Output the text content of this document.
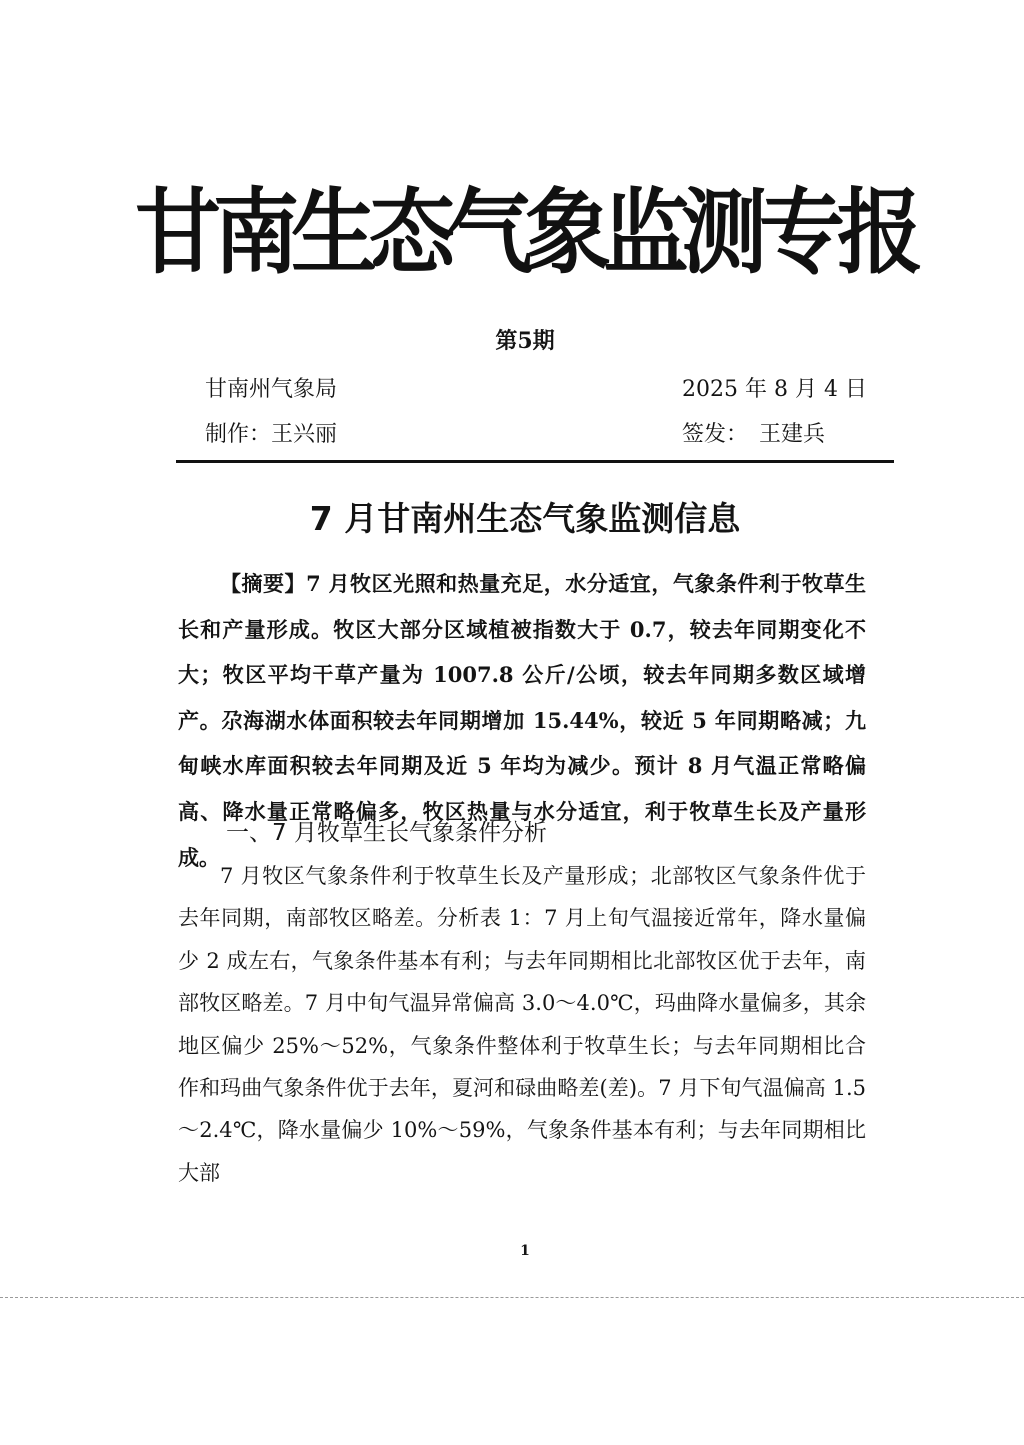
甘南生态气象监测专报
第5期
甘南州气象局	2025 年 8 月 4 日
制作：王兴丽	签发：　王建兵
7 月甘南州生态气象监测信息

【摘要】7 月牧区光照和热量充足，水分适宜，气象条件利于牧草生长和产量形成。牧区大部分区域植被指数大于 0.7，较去年同期变化不大；牧区平均干草产量为 1007.8 公斤/公顷，较去年同期多数区域增产。尕海湖水体面积较去年同期增加 15.44%，较近 5 年同期略减；九甸峡水库面积较去年同期及近 5 年均为减少。预计 8 月气温正常略偏高、降水量正常略偏多，牧区热量与水分适宜，利于牧草生长及产量形成。

一、7 月牧草生长气象条件分析

7 月牧区气象条件利于牧草生长及产量形成；北部牧区气象条件优于去年同期，南部牧区略差。分析表 1：7 月上旬气温接近常年，降水量偏少 2 成左右，气象条件基本有利；与去年同期相比北部牧区优于去年，南部牧区略差。7 月中旬气温异常偏高 3.0～4.0℃，玛曲降水量偏多，其余地区偏少 25%～52%，气象条件整体利于牧草生长；与去年同期相比合作和玛曲气象条件优于去年，夏河和碌曲略差(差)。7 月下旬气温偏高 1.5～2.4℃，降水量偏少 10%～59%，气象条件基本有利；与去年同期相比大部

1
